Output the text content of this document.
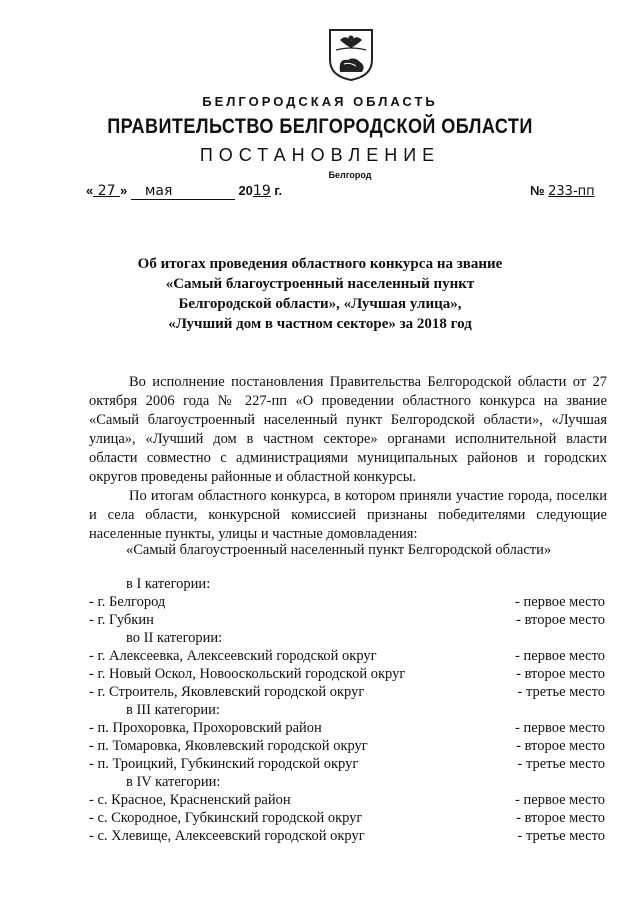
БЕЛГОРОДСКАЯ ОБЛАСТЬ
ПРАВИТЕЛЬСТВО БЕЛГОРОДСКОЙ ОБЛАСТИ
ПОСТАНОВЛЕНИЕ
Белгород
« 27 » мая	2019 г.	№ 233-пп
Об итогах проведения областного конкурса на звание
«Самый благоустроенный населенный пункт
Белгородской области», «Лучшая улица»,
«Лучший дом в частном секторе» за 2018 год

Во исполнение постановления Правительства Белгородской области от 27 октября 2006 года № 227-пп «О проведении областного конкурса на звание «Самый благоустроенный населенный пункт Белгородской области», «Лучшая улица», «Лучший дом в частном секторе» органами исполнительной власти области совместно с администрациями муниципальных районов и городских округов проведены районные и областной конкурсы.

По итогам областного конкурса, в котором приняли участие города, поселки и села области, конкурсной комиссией признаны победителями следующие населенные пункты, улицы и частные домовладения:

«Самый благоустроенный населенный пункт Белгородской области»
в I категории:
- г. Белгород	- первое место
- г. Губкин	- второе место
во II категории:
- г. Алексеевка, Алексеевский городской округ	- первое место
- г. Новый Оскол, Новооскольский городской округ	- второе место
- г. Строитель, Яковлевский городской округ	- третье место
в III категории:
- п. Прохоровка, Прохоровский район	- первое место
- п. Томаровка, Яковлевский городской округ	- второе место
- п. Троицкий, Губкинский городской округ	- третье место
в IV категории:
- с. Красное, Красненский район	- первое место
- с. Скородное, Губкинский городской округ	- второе место
- с. Хлевище, Алексеевский городской округ	- третье место
